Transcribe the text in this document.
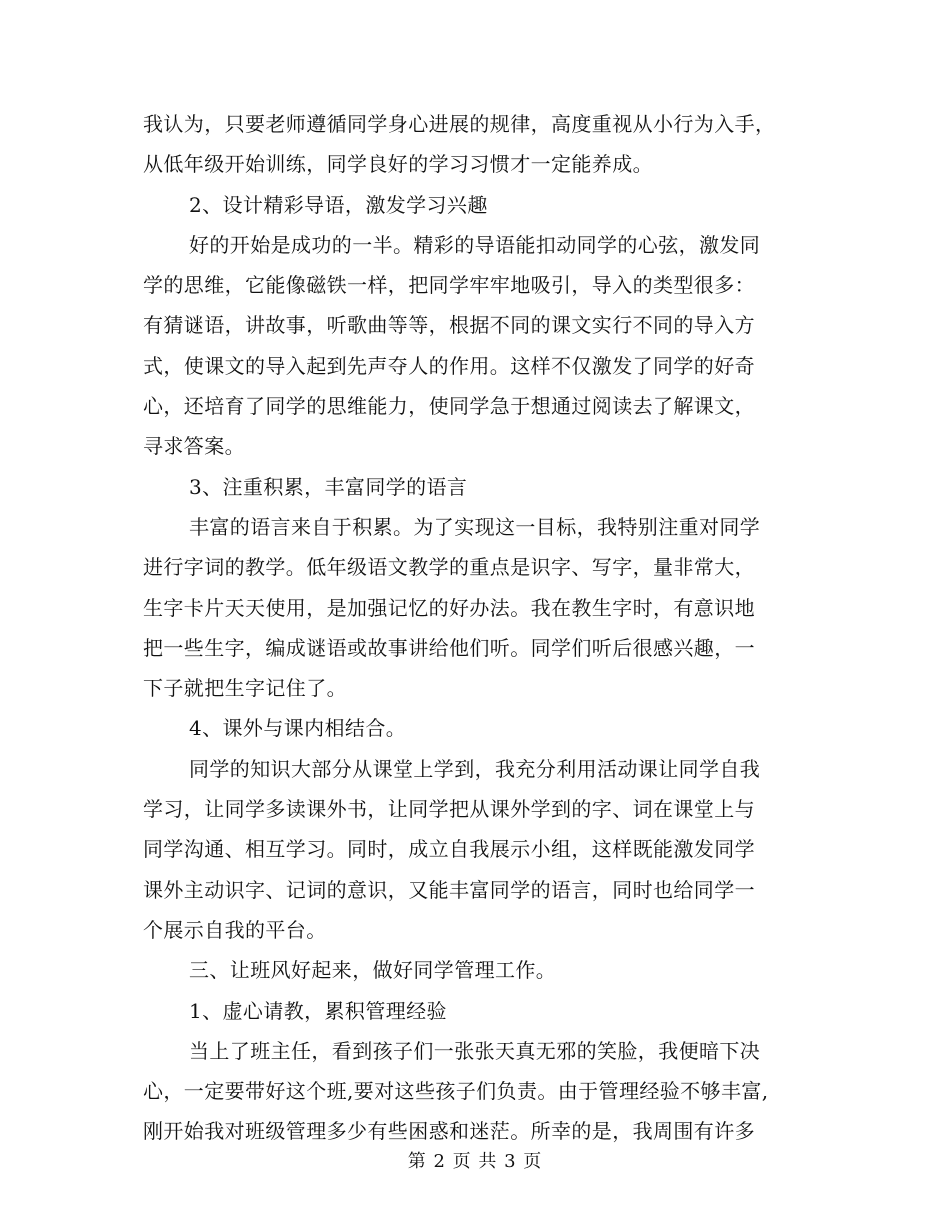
我认为，只要老师遵循同学身心进展的规律，高度重视从小行为入手，
从低年级开始训练，同学良好的学习习惯才一定能养成。
2、设计精彩导语，激发学习兴趣
好的开始是成功的一半。精彩的导语能扣动同学的心弦，激发同
学的思维，它能像磁铁一样，把同学牢牢地吸引，导入的类型很多：
有猜谜语，讲故事，听歌曲等等，根据不同的课文实行不同的导入方
式，使课文的导入起到先声夺人的作用。这样不仅激发了同学的好奇
心，还培育了同学的思维能力，使同学急于想通过阅读去了解课文，
寻求答案。
3、注重积累，丰富同学的语言
丰富的语言来自于积累。为了实现这一目标，我特别注重对同学
进行字词的教学。低年级语文教学的重点是识字、写字，量非常大，
生字卡片天天使用，是加强记忆的好办法。我在教生字时，有意识地
把一些生字，编成谜语或故事讲给他们听。同学们听后很感兴趣，一
下子就把生字记住了。
4、课外与课内相结合。
同学的知识大部分从课堂上学到，我充分利用活动课让同学自我
学习，让同学多读课外书，让同学把从课外学到的字、词在课堂上与
同学沟通、相互学习。同时，成立自我展示小组，这样既能激发同学
课外主动识字、记词的意识，又能丰富同学的语言，同时也给同学一
个展示自我的平台。
三、让班风好起来，做好同学管理工作。
1、虚心请教，累积管理经验
当上了班主任，看到孩子们一张张天真无邪的笑脸，我便暗下决
心，一定要带好这个班,要对这些孩子们负责。由于管理经验不够丰富,
刚开始我对班级管理多少有些困惑和迷茫。所幸的是，我周围有许多
第 2 页 共 3 页
